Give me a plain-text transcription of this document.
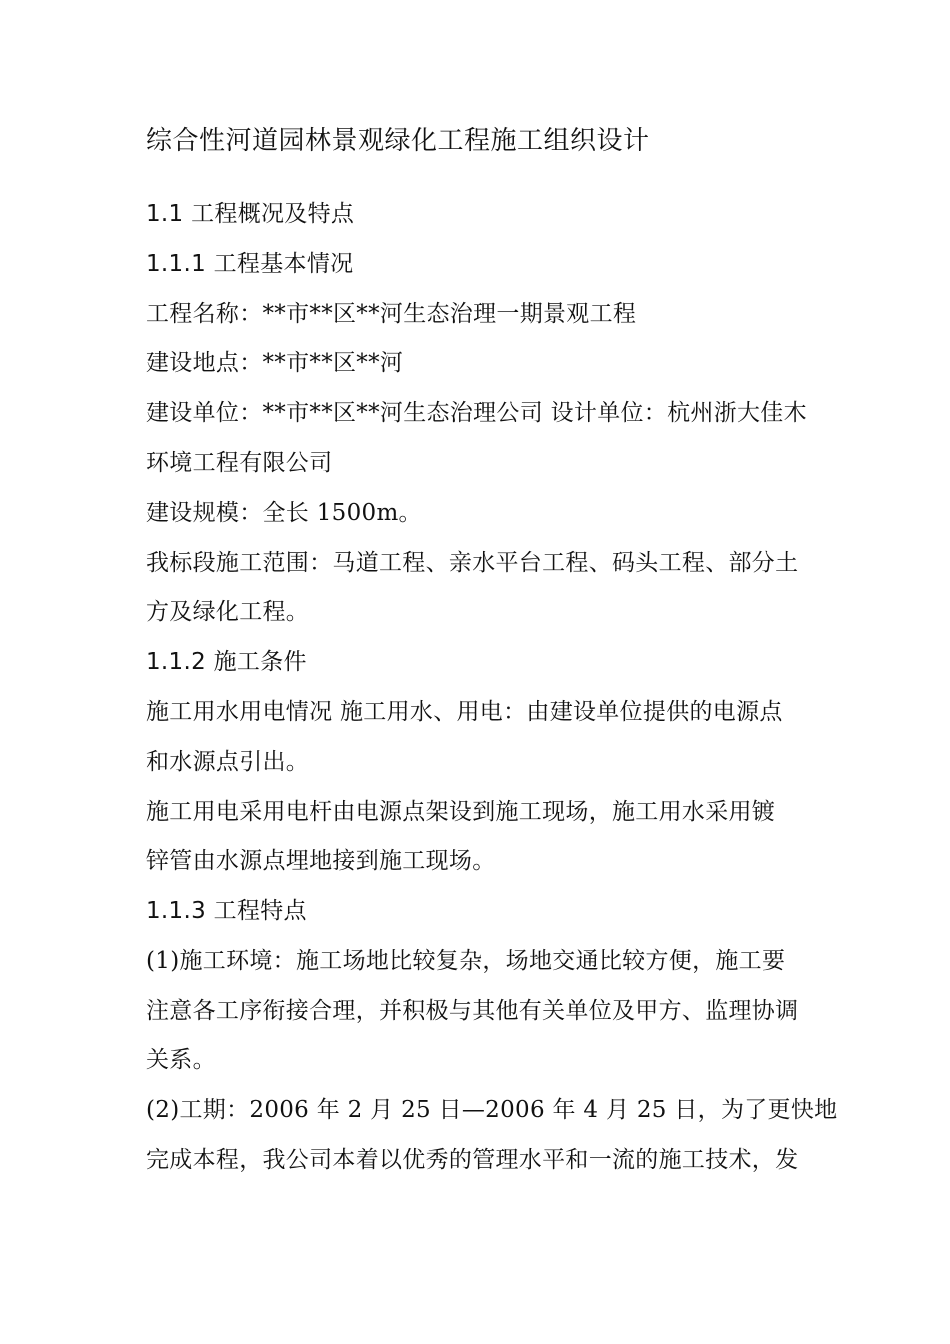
综合性河道园林景观绿化工程施工组织设计
1.1 工程概况及特点
1.1.1 工程基本情况
工程名称：**市**区**河生态治理一期景观工程
建设地点：**市**区**河
建设单位：**市**区**河生态治理公司 设计单位：杭州浙大佳木
环境工程有限公司
建设规模：全长 1500m。
我标段施工范围：马道工程、亲水平台工程、码头工程、部分土
方及绿化工程。
1.1.2 施工条件
施工用水用电情况 施工用水、用电：由建设单位提供的电源点
和水源点引出。
施工用电采用电杆由电源点架设到施工现场，施工用水采用镀
锌管由水源点埋地接到施工现场。
1.1.3 工程特点
(1)施工环境：施工场地比较复杂，场地交通比较方便，施工要
注意各工序衔接合理，并积极与其他有关单位及甲方、监理协调
关系。
(2)工期：2006 年 2 月 25 日—2006 年 4 月 25 日，为了更快地
完成本程，我公司本着以优秀的管理水平和一流的施工技术，发
